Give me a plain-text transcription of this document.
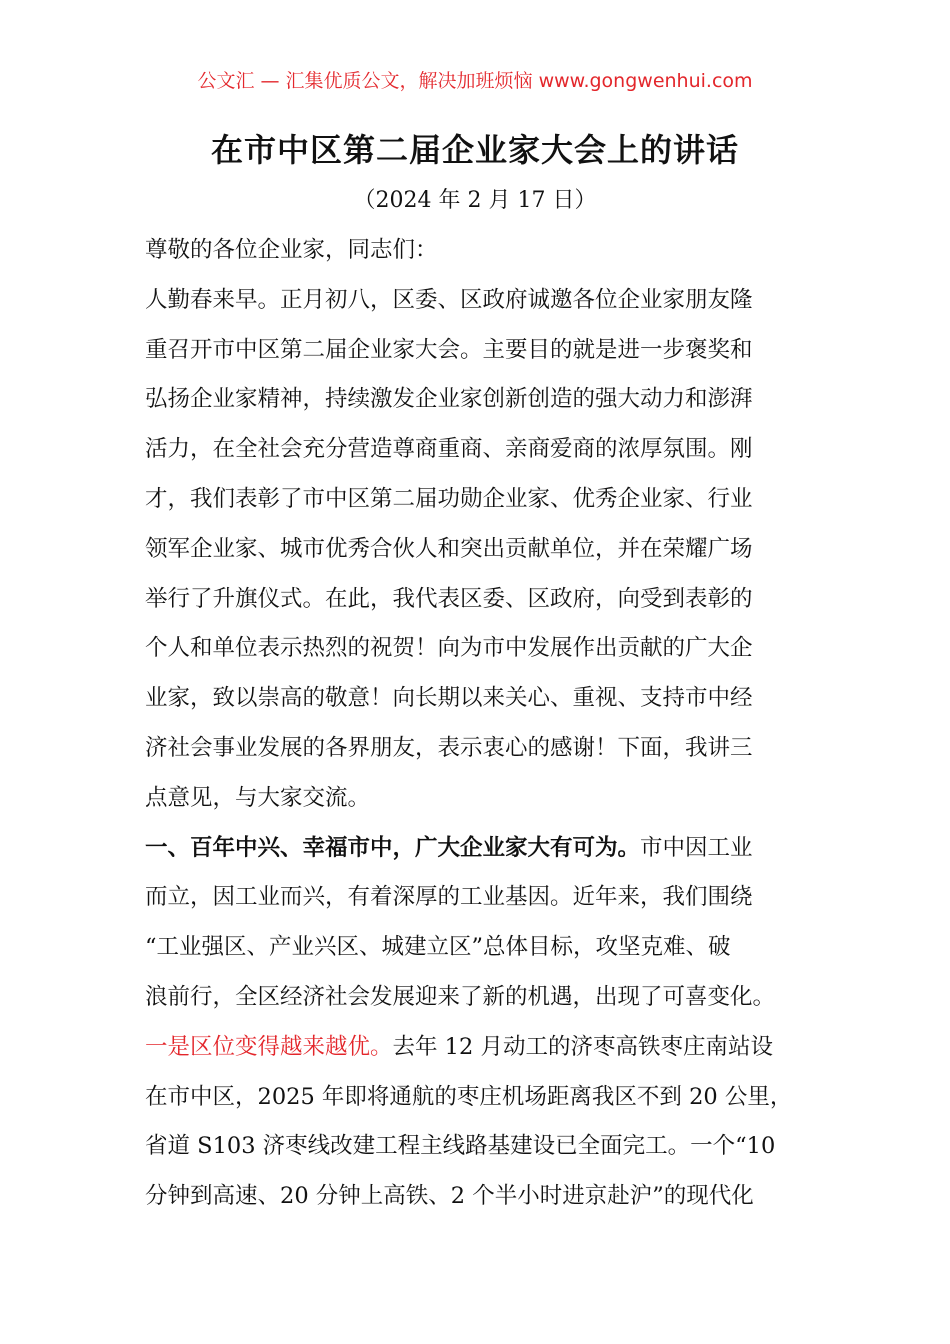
公文汇 — 汇集优质公文，解决加班烦恼 www.gongwenhui.com
在市中区第二届企业家大会上的讲话
（2024 年 2 月 17 日）
尊敬的各位企业家，同志们：
人勤春来早。正月初八，区委、区政府诚邀各位企业家朋友隆
重召开市中区第二届企业家大会。主要目的就是进一步褒奖和
弘扬企业家精神，持续激发企业家创新创造的强大动力和澎湃
活力，在全社会充分营造尊商重商、亲商爱商的浓厚氛围。刚
才，我们表彰了市中区第二届功勋企业家、优秀企业家、行业
领军企业家、城市优秀合伙人和突出贡献单位，并在荣耀广场
举行了升旗仪式。在此，我代表区委、区政府，向受到表彰的
个人和单位表示热烈的祝贺！向为市中发展作出贡献的广大企
业家，致以崇高的敬意！向长期以来关心、重视、支持市中经
济社会事业发展的各界朋友，表示衷心的感谢！下面，我讲三
点意见，与大家交流。
一、百年中兴、幸福市中，广大企业家大有可为。市中因工业
而立，因工业而兴，有着深厚的工业基因。近年来，我们围绕
“工业强区、产业兴区、城建立区”总体目标，攻坚克难、破
浪前行，全区经济社会发展迎来了新的机遇，出现了可喜变化。
一是区位变得越来越优。去年 12 月动工的济枣高铁枣庄南站设
在市中区，2025 年即将通航的枣庄机场距离我区不到 20 公里，
省道 S103 济枣线改建工程主线路基建设已全面完工。一个“10
分钟到高速、20 分钟上高铁、2 个半小时进京赴沪”的现代化
